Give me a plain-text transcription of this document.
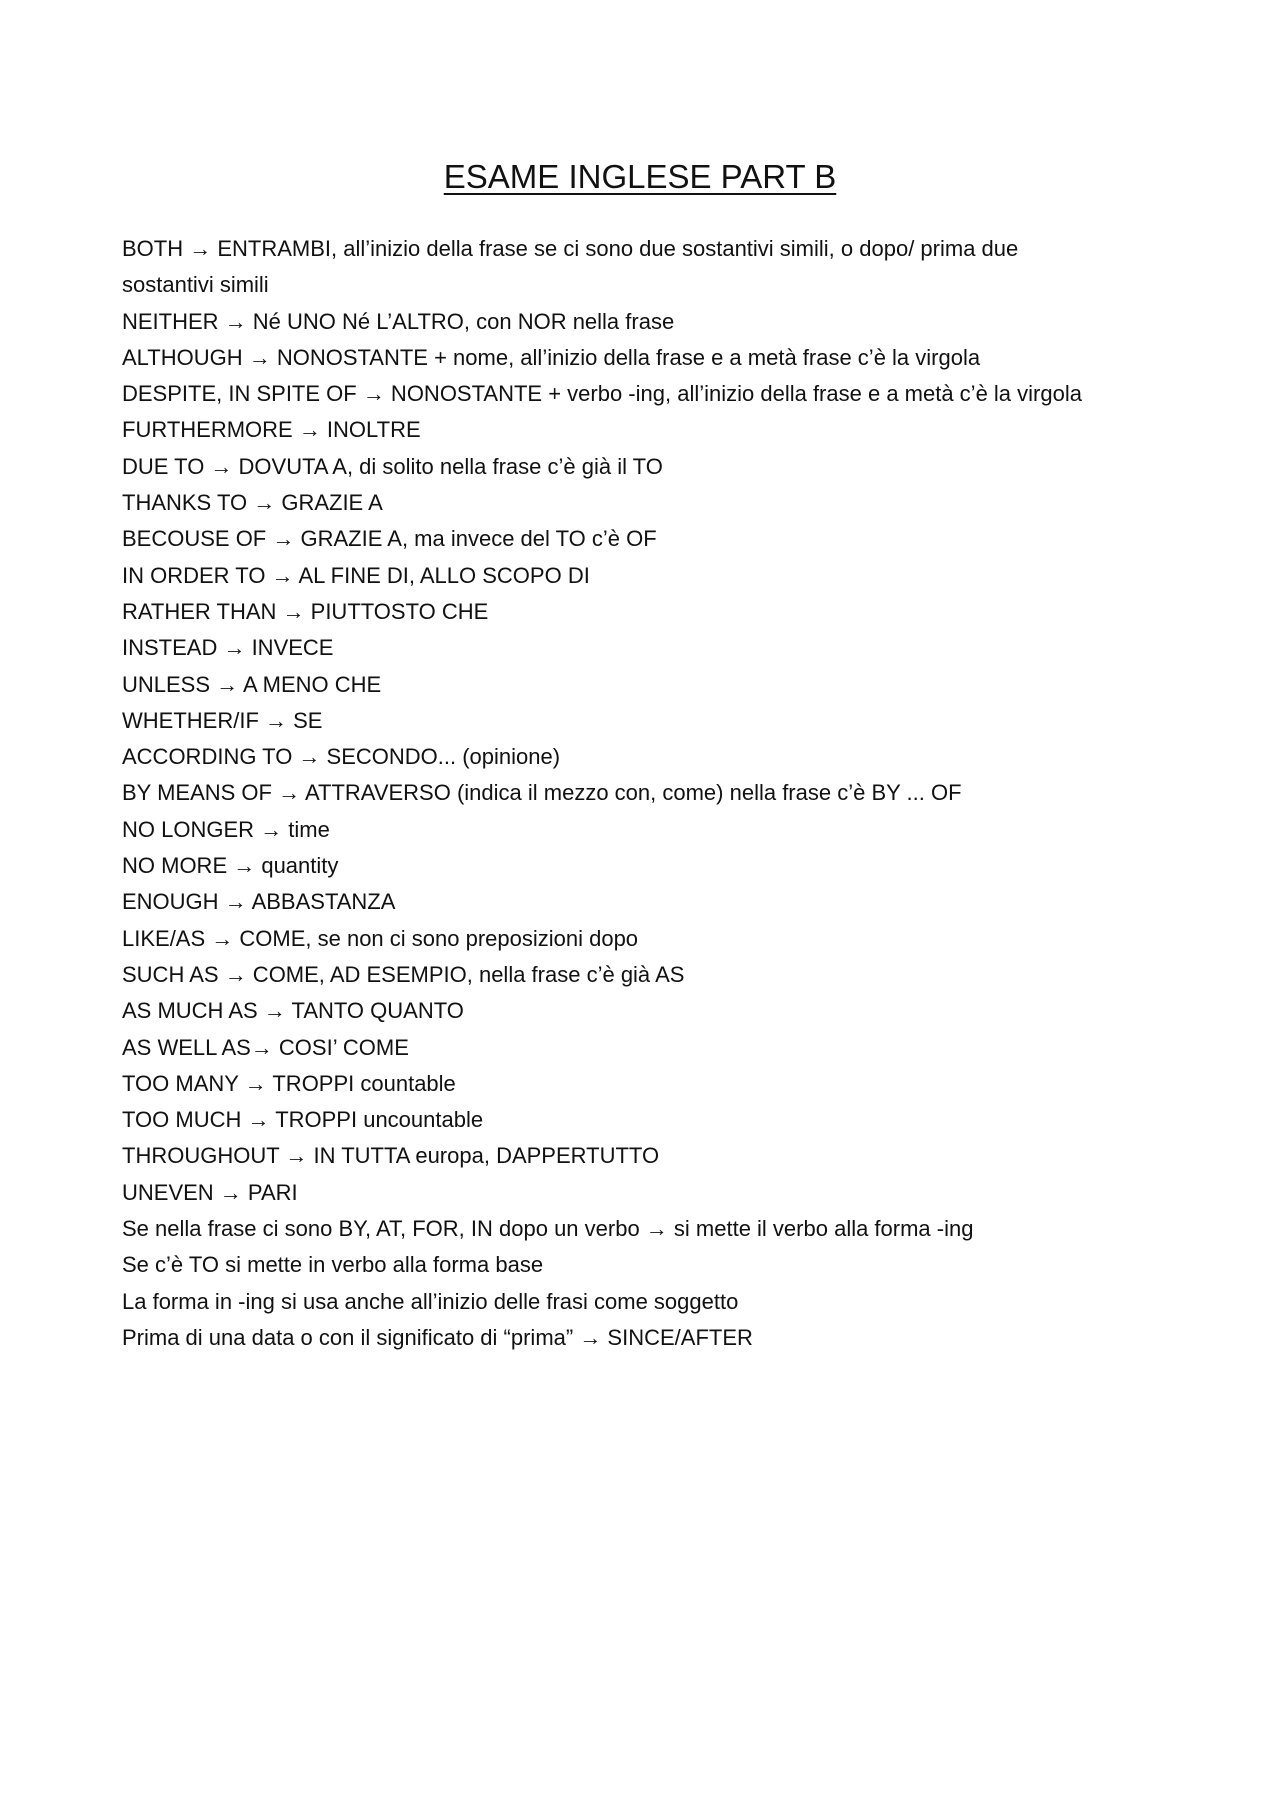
ESAME INGLESE PART B

BOTH → ENTRAMBI, all’inizio della frase se ci sono due sostantivi simili, o dopo/ prima due

sostantivi simili

NEITHER → Né UNO Né L’ALTRO, con NOR nella frase

ALTHOUGH → NONOSTANTE + nome, all’inizio della frase e a metà frase c’è la virgola

DESPITE, IN SPITE OF → NONOSTANTE + verbo -ing, all’inizio della frase e a metà c’è la virgola

FURTHERMORE → INOLTRE

DUE TO → DOVUTA A, di solito nella frase c’è già il TO

THANKS TO → GRAZIE A

BECOUSE OF → GRAZIE A, ma invece del TO c’è OF

IN ORDER TO → AL FINE DI, ALLO SCOPO DI

RATHER THAN → PIUTTOSTO CHE

INSTEAD → INVECE

UNLESS → A MENO CHE

WHETHER/IF → SE

ACCORDING TO → SECONDO... (opinione)

BY MEANS OF → ATTRAVERSO (indica il mezzo con, come) nella frase c’è BY ... OF

NO LONGER → time

NO MORE → quantity

ENOUGH → ABBASTANZA

LIKE/AS → COME, se non ci sono preposizioni dopo

SUCH AS → COME, AD ESEMPIO, nella frase c’è già AS

AS MUCH AS → TANTO QUANTO

AS WELL AS→ COSI’ COME

TOO MANY → TROPPI countable

TOO MUCH → TROPPI uncountable

THROUGHOUT → IN TUTTA europa, DAPPERTUTTO

UNEVEN → PARI

Se nella frase ci sono BY, AT, FOR, IN dopo un verbo → si mette il verbo alla forma -ing

Se c’è TO si mette in verbo alla forma base

La forma in -ing si usa anche all’inizio delle frasi come soggetto

Prima di una data o con il significato di “prima” → SINCE/AFTER
